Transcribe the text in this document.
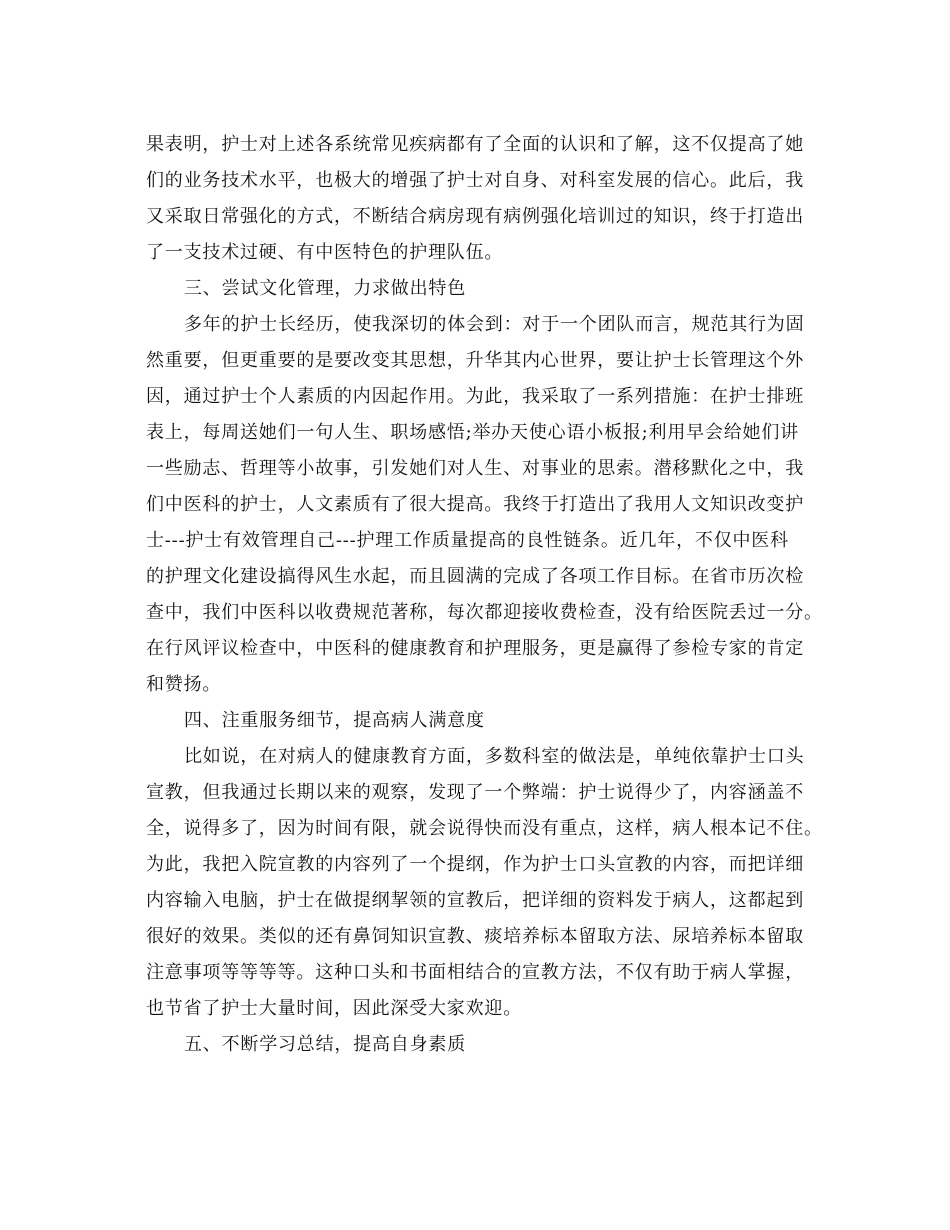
果表明，护士对上述各系统常见疾病都有了全面的认识和了解，这不仅提高了她
们的业务技术水平，也极大的增强了护士对自身、对科室发展的信心。此后，我
又采取日常强化的方式，不断结合病房现有病例强化培训过的知识，终于打造出
了一支技术过硬、有中医特色的护理队伍。
三、尝试文化管理，力求做出特色
多年的护士长经历，使我深切的体会到：对于一个团队而言，规范其行为固
然重要，但更重要的是要改变其思想，升华其内心世界，要让护士长管理这个外
因，通过护士个人素质的内因起作用。为此，我采取了一系列措施：在护士排班
表上，每周送她们一句人生、职场感悟;举办天使心语小板报;利用早会给她们讲
一些励志、哲理等小故事，引发她们对人生、对事业的思索。潜移默化之中，我
们中医科的护士，人文素质有了很大提高。我终于打造出了我用人文知识改变护
士---护士有效管理自己---护理工作质量提高的良性链条。近几年，不仅中医科
的护理文化建设搞得风生水起，而且圆满的完成了各项工作目标。在省市历次检
查中，我们中医科以收费规范著称，每次都迎接收费检查，没有给医院丢过一分。
在行风评议检查中，中医科的健康教育和护理服务，更是赢得了参检专家的肯定
和赞扬。
四、注重服务细节，提高病人满意度
比如说，在对病人的健康教育方面，多数科室的做法是，单纯依靠护士口头
宣教，但我通过长期以来的观察，发现了一个弊端：护士说得少了，内容涵盖不
全，说得多了，因为时间有限，就会说得快而没有重点，这样，病人根本记不住。
为此，我把入院宣教的内容列了一个提纲，作为护士口头宣教的内容，而把详细
内容输入电脑，护士在做提纲挈领的宣教后，把详细的资料发于病人，这都起到
很好的效果。类似的还有鼻饲知识宣教、痰培养标本留取方法、尿培养标本留取
注意事项等等等等。这种口头和书面相结合的宣教方法，不仅有助于病人掌握，
也节省了护士大量时间，因此深受大家欢迎。
五、不断学习总结，提高自身素质
